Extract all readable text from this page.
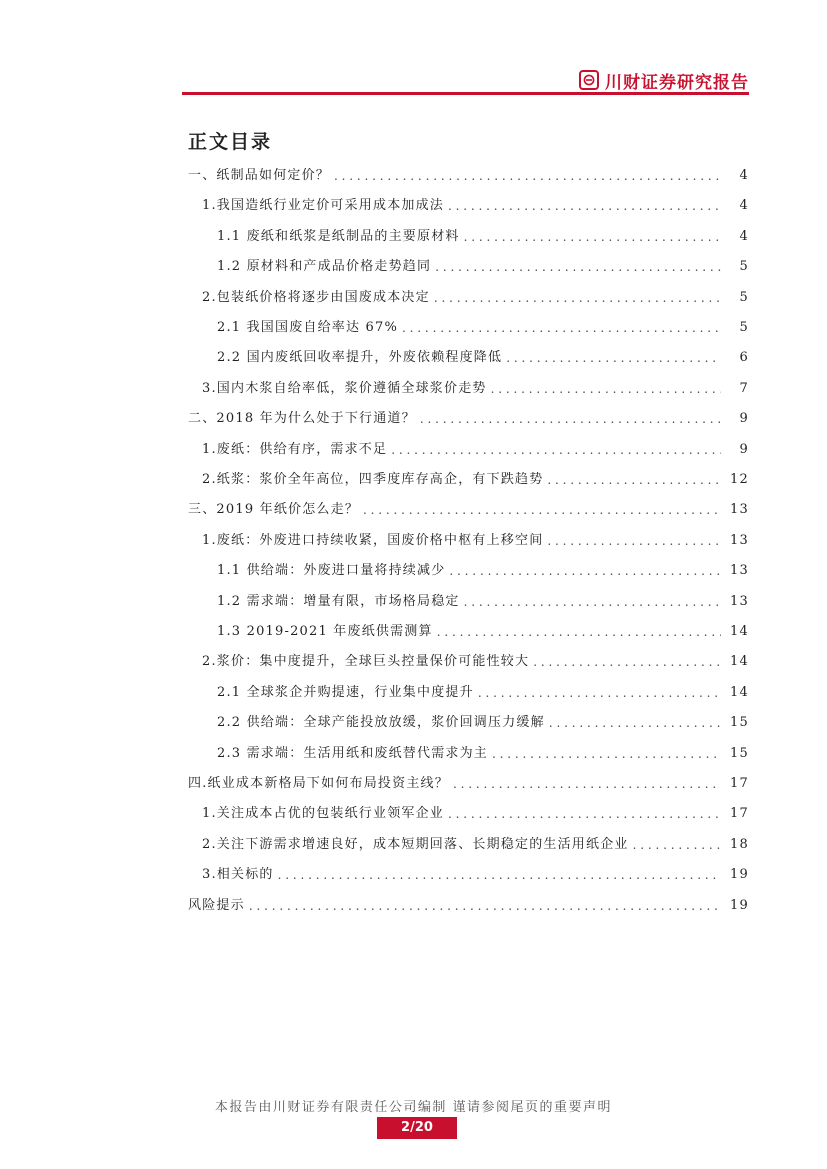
川财证券研究报告
正文目录
一、纸制品如何定价？ . . .	4
1.我国造纸行业定价可采用成本加成法 . . .	4
1.1 废纸和纸浆是纸制品的主要原材料 . . .	4
1.2 原材料和产成品价格走势趋同 . . .	5
2.包装纸价格将逐步由国废成本决定 . . .	5
2.1 我国国废自给率达 67% . . .	5
2.2 国内废纸回收率提升，外废依赖程度降低 . . .	6
3.国内木浆自给率低，浆价遵循全球浆价走势 . . .	7
二、2018 年为什么处于下行通道？ . . .	9
1.废纸：供给有序，需求不足 . . .	9
2.纸浆：浆价全年高位，四季度库存高企，有下跌趋势 . . .	12
三、2019 年纸价怎么走？ . . .	13
1.废纸：外废进口持续收紧，国废价格中枢有上移空间 . . .	13
1.1 供给端：外废进口量将持续减少 . . .	13
1.2 需求端：增量有限，市场格局稳定 . . .	13
1.3 2019-2021 年废纸供需测算 . . .	14
2.浆价：集中度提升，全球巨头控量保价可能性较大 . . .	14
2.1 全球浆企并购提速，行业集中度提升 . . .	14
2.2 供给端：全球产能投放放缓，浆价回调压力缓解 . . .	15
2.3 需求端：生活用纸和废纸替代需求为主 . . .	15
四.纸业成本新格局下如何布局投资主线？ . . .	17
1.关注成本占优的包装纸行业领军企业 . . .	17
2.关注下游需求增速良好，成本短期回落、长期稳定的生活用纸企业 . . .	18
3.相关标的 . . .	19
风险提示 . . .	19
本报告由川财证券有限责任公司编制 谨请参阅尾页的重要声明
2/20
